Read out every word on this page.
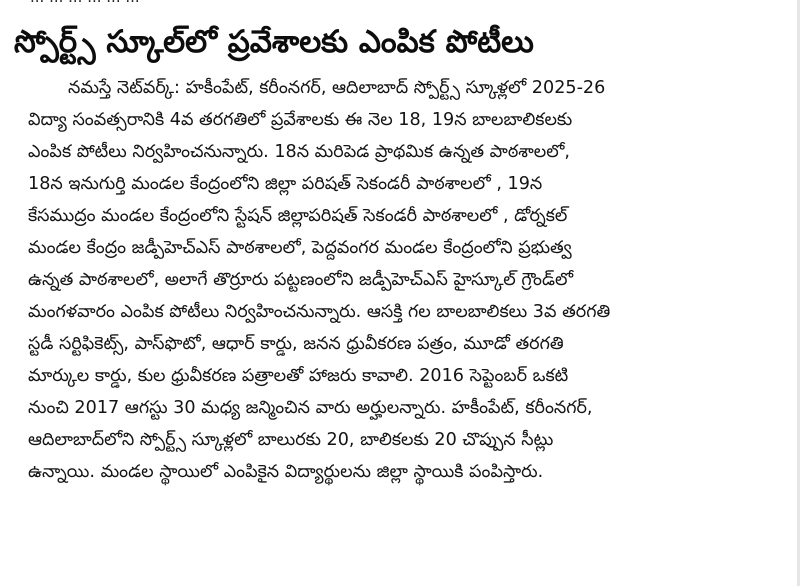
స్పోర్ట్స్ స్కూల్‌లో ప్రవేశాలకు ఎంపిక పోటీలు
నమస్తే నెట్‌వర్క్: హకీంపేట్, కరీంనగర్, ఆదిలాబాద్ స్పోర్ట్స్ స్కూళ్లలో 2025-26
విద్యా సంవత్సరానికి 4వ తరగతిలో ప్రవేశాలకు ఈ నెల 18, 19న బాలబాలికలకు
ఎంపిక పోటీలు నిర్వహించనున్నారు. 18న మరిపెడ ప్రాథమిక ఉన్నత పాఠశాలలో,
18న ఇనుగుర్తి మండల కేంద్రంలోని జిల్లా పరిషత్ సెకండరీ పాఠశాలలో , 19న
కేసముద్రం మండల కేంద్రంలోని స్టేషన్ జిల్లాపరిషత్ సెకండరీ పాఠశాలలో , డోర్నకల్
మండల కేంద్రం జడ్పీహెచ్ఎస్ పాఠశాలలో, పెద్దవంగర మండల కేంద్రంలోని ప్రభుత్వ
ఉన్నత పాఠశాలలో, అలాగే తొర్రూరు పట్టణంలోని జడ్పీహెచ్ఎస్ హైస్కూల్ గ్రౌండ్‌లో
మంగళవారం ఎంపిక పోటీలు నిర్వహించనున్నారు. ఆసక్తి గల బాలబాలికలు 3వ తరగతి
స్టడీ సర్టిఫికెట్స్, పాస్‌ఫొటో, ఆధార్ కార్డు, జనన ధ్రువీకరణ పత్రం, మూడో తరగతి
మార్కుల కార్డు, కుల ధ్రువీకరణ పత్రాలతో హాజరు కావాలి. 2016 సెప్టెంబర్ ఒకటి
నుంచి 2017 ఆగస్టు 30 మధ్య జన్మించిన వారు అర్హులన్నారు. హకీంపేట్, కరీంనగర్,
ఆదిలాబాద్‌లోని స్పోర్ట్స్ స్కూళ్లలో బాలురకు 20, బాలికలకు 20 చొప్పున సీట్లు
ఉన్నాయి. మండల స్థాయిలో ఎంపికైన విద్యార్థులను జిల్లా స్థాయికి పంపిస్తారు.
